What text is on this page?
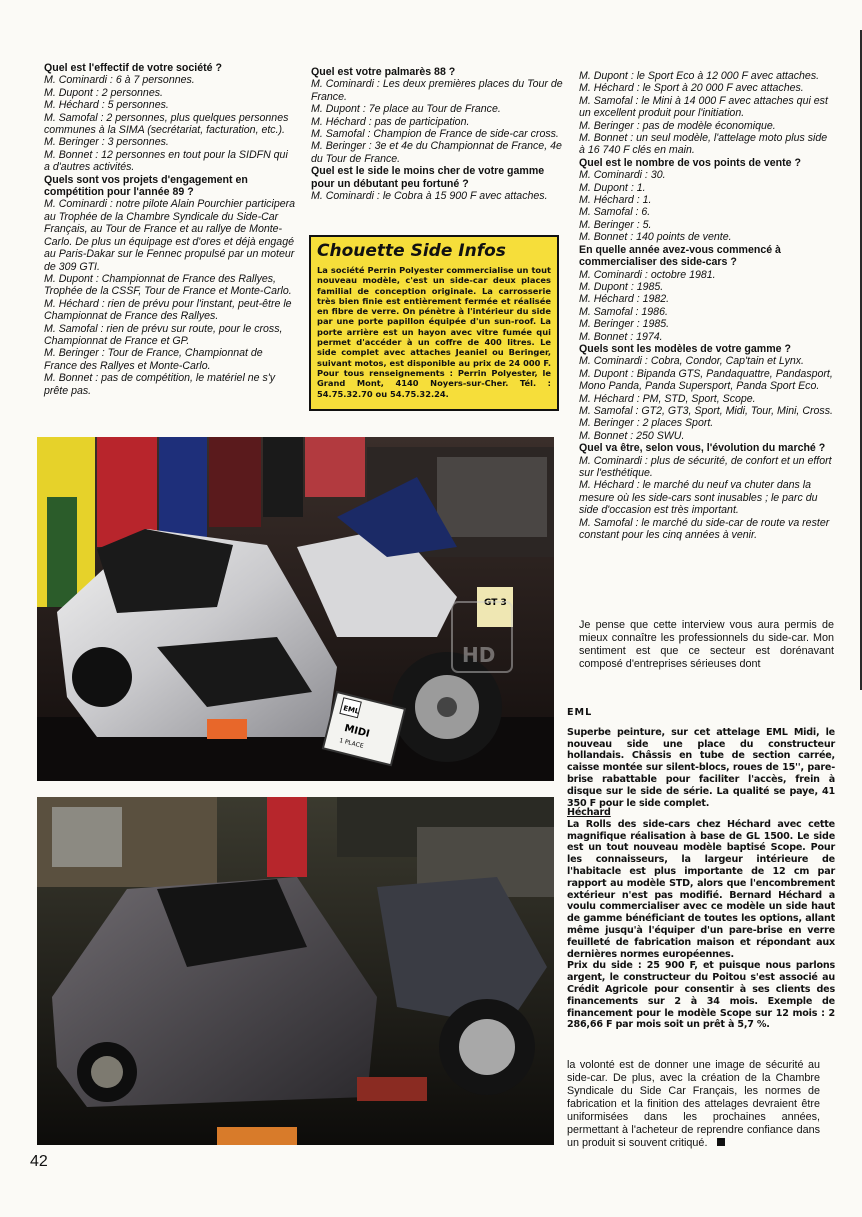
Quel est l'effectif de votre société ?

M. Cominardi : 6 à 7 personnes.

M. Dupont : 2 personnes.

M. Héchard : 5 personnes.

M. Samofal : 2 personnes, plus quelques personnes communes à la SIMA (secrétariat, facturation, etc.).

M. Beringer : 3 personnes.

M. Bonnet : 12 personnes en tout pour la SIDFN qui a d'autres activités.

Quels sont vos projets d'engagement en compétition pour l'année 89 ?

M. Cominardi : notre pilote Alain Pourchier participera au Trophée de la Chambre Syndicale du Side-Car Français, au Tour de France et au rallye de Monte-Carlo. De plus un équipage est d'ores et déjà engagé au Paris-Dakar sur le Fennec propulsé par un moteur de 309 GTI.

M. Dupont : Championnat de France des Rallyes, Trophée de la CSSF, Tour de France et Monte-Carlo.

M. Héchard : rien de prévu pour l'instant, peut-être le Championnat de France des Rallyes.

M. Samofal : rien de prévu sur route, pour le cross, Championnat de France et GP.

M. Beringer : Tour de France, Championnat de France des Rallyes et Monte-Carlo.

M. Bonnet : pas de compétition, le matériel ne s'y prête pas.

Quel est votre palmarès 88 ?

M. Cominardi : Les deux premières places du Tour de France.

M. Dupont : 7e place au Tour de France.

M. Héchard : pas de participation.

M. Samofal : Champion de France de side-car cross.

M. Beringer : 3e et 4e du Championnat de France, 4e du Tour de France.

Quel est le side le moins cher de votre gamme pour un débutant peu fortuné ?

M. Cominardi : le Cobra à 15 900 F avec attaches.

M. Dupont : le Sport Eco à 12 000 F avec attaches.

M. Héchard : le Sport à 20 000 F avec attaches.

M. Samofal : le Mini à 14 000 F avec attaches qui est un excellent produit pour l'initiation.

M. Beringer : pas de modèle économique.

M. Bonnet : un seul modèle, l'attelage moto plus side à 16 740 F clés en main.

Quel est le nombre de vos points de vente ?

M. Cominardi : 30.

M. Dupont : 1.

M. Héchard : 1.

M. Samofal : 6.

M. Beringer : 5.

M. Bonnet : 140 points de vente.

En quelle année avez-vous commencé à commercialiser des side-cars ?

M. Cominardi : octobre 1981.

M. Dupont : 1985.

M. Héchard : 1982.

M. Samofal : 1986.

M. Beringer : 1985.

M. Bonnet : 1974.

Quels sont les modèles de votre gamme ?

M. Cominardi : Cobra, Condor, Cap'tain et Lynx.

M. Dupont : Bipanda GTS, Pandaquattre, Pandasport, Mono Panda, Panda Supersport, Panda Sport Eco.

M. Héchard : PM, STD, Sport, Scope.

M. Samofal : GT2, GT3, Sport, Midi, Tour, Mini, Cross.

M. Beringer : 2 places Sport.

M. Bonnet : 250 SWU.

Quel va être, selon vous, l'évolution du marché ?

M. Cominardi : plus de sécurité, de confort et un effort sur l'esthétique.

M. Héchard : le marché du neuf va chuter dans la mesure où les side-cars sont inusables ; le parc du side d'occasion est très important.

M. Samofal : le marché du side-car de route va rester constant pour les cinq années à venir.

Chouette Side Infos
La société Perrin Polyester commercialise un tout nouveau modèle, c'est un side-car deux places familial de conception originale. La carrosserie très bien finie est entièrement fermée et réalisée en fibre de verre. On pénètre à l'intérieur du side par une porte papillon équipée d'un sun-roof. La porte arrière est un hayon avec vitre fumée qui permet d'accéder à un coffre de 400 litres. Le side complet avec attaches Jeaniel ou Beringer, suivant motos, est disponible au prix de 24 000 F. Pour tous renseignements : Perrin Polyester, le Grand Mont, 4140 Noyers-sur-Cher. Tél. : 54.75.32.70 ou 54.75.32.24.

Je pense que cette interview vous aura permis de mieux connaître les professionnels du side-car. Mon sentiment est que ce secteur est dorénavant composé d'entreprises sérieuses dont

GT 3
EML
MIDI
1 PLACE
HD

EML

Superbe peinture, sur cet attelage EML Midi, le nouveau side une place du constructeur hollandais. Châssis en tube de section carrée, caisse montée sur silent-blocs, roues de 15'', pare-brise rabattable pour faciliter l'accès, frein à disque sur le side de série. La qualité se paye, 41 350 F pour le side complet.

Héchard

La Rolls des side-cars chez Héchard avec cette magnifique réalisation à base de GL 1500. Le side est un tout nouveau modèle baptisé Scope. Pour les connaisseurs, la largeur intérieure de l'habitacle est plus importante de 12 cm par rapport au modèle STD, alors que l'encombrement extérieur n'est pas modifié. Bernard Héchard a voulu commercialiser avec ce modèle un side haut de gamme bénéficiant de toutes les options, allant même jusqu'à l'équiper d'un pare-brise en verre feuilleté de fabrication maison et répondant aux dernières normes européennes.

Prix du side : 25 900 F, et puisque nous parlons argent, le constructeur du Poitou s'est associé au Crédit Agricole pour consentir à ses clients des financements sur 2 à 34 mois. Exemple de financement pour le modèle Scope sur 12 mois : 2 286,66 F par mois soit un prêt à 5,7 %.

la volonté est de donner une image de sécurité au side-car. De plus, avec la création de la Chambre Syndicale du Side Car Français, les normes de fabrication et la finition des attelages devraient être uniformisées dans les prochaines années, permettant à l'acheteur de reprendre confiance dans un produit si souvent critiqué.

42
